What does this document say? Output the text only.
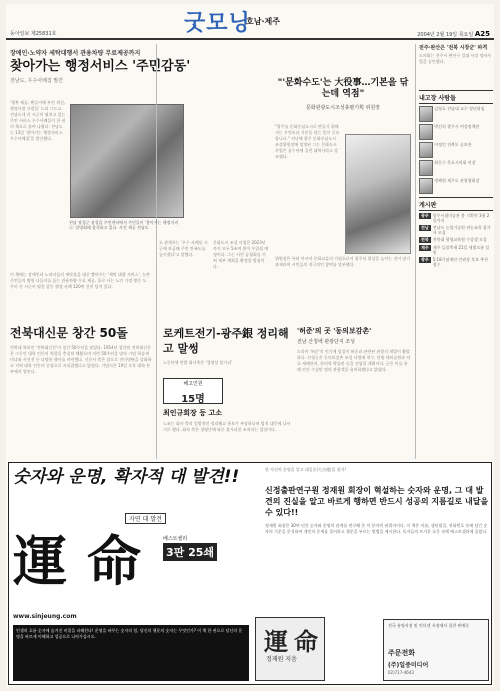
굿모닝
호남·제주
동아일보 제25831호	2004년 2월 19일 목요일 A25
장애인·노약자 세탁대행서 관용차량 무료제공까지
찾아가는 행정서비스 '주민감동'
전남도, 우수사례집 발간
'행복 제공, 팬들이에 부진 개선, 행정사람 사람들' 드리 그드고. 전남도내 각 시군이 펼치고 있는 주민 서비스 우수사례들이 한 권의 책으로 묶여 나왔다. 전남도는 13일 '찾아가는 행정서비스 우수사례집'을 발간했다.
이 책에는 장애인과 노약자들의 세탁물을 대신 빨아주는 '세탁 대행 서비스', 농촌 주민들의 병원 나들이를 돕는 관용차량 무료 제공, 홀로 사는 노인 가정 방문 도우미 등 시군이 펼친 감동 행정 사례 120여 건이 담겨 있다.
전북대신문 창간 50돌
전북대 학보인 '전북대신문'이 창간 50주년을 맞았다. 1954년 창간된 전북대신문은 그동안 대학 언론의 역할을 충실히 해왔으며 이번 50주년을 맞아 기념 학술세미나와 사진전 등 다양한 행사를 마련했다. 신문사 측은 앞으로 인터넷판을 강화하고 지역 대학 언론의 중심으로 자리잡겠다고 밝혔다. 기념식은 19일 오후 대학 본부에서 열린다.
전남 장성군 장성읍 주민센터에서 주민들이 '찾아가는 행정서비스' 설명회에 참석하고 있다. 사진 제공 전남도
도 관계자는 '우수 사례를 시군에 보급해 주민 만족도를 높이겠다'고 말했다.
"'문화수도'는 大役事…기본을 닦는데 역점"
문화관광도시조성총괄기획 위원장
"광주를 문화중심도시로 만들기 위해서는 무엇보다 기본을 닦는 일이 중요합니다." 지난해 광주 문화중심도시 조성위원장에 임명된 그는 문화도시 사업은 십수년에 걸친 대역사라고 강조했다.
위원장은 특히 아시아 문화교류의 거점으로서 광주의 위상을 높이는 것이 장기 과제라며 시민들의 적극적인 참여를 당부했다.
문화도시 조성 사업은 2023년까지 모두 5조여 원이 투입될 예정이다. 그는 시민 공청회를 거쳐 세부 계획을 확정할 방침이다.
로케트전기-광주銀 정리해고 말썽
노동단체 반발 회사측은 '경영상 불가피'
해고인원
15명
최인규회장 등 고소
노조는 회사 측의 일방적인 정리해고 통보가 부당하다며 법적 대응에 나서기로 했다. 회사 측은 경영난에 따른 불가피한 조치라는 입장이다.
'허준'의 곳 '동의보감촌'
전남 산청에 관광단지 조성
드라마 '허준'의 인기에 힘입어 허준과 관련된 관광지 개발이 활발하다. 산청군은 동의보감촌 조성 사업에 착수, 한방 테마공원과 약초 재배단지, 한의학 박물관 등을 건립할 계획이다. 군은 이를 통해 연간 수십만 명의 관광객을 유치하겠다고 밝혔다.
전주·완산은 '전북 시장군' 파격
도의회는 전주시 완산구 일대 시장 정비사업을 승인했다.
내고장 사람들
김영호 전남대 교수 정년퇴임
박선희 광주시 여성정책관
이정민 전북도 공보관
최동수 목포시의회 의장
정해원 제주도 관광협회장
게시판
광주	광주시립미술관 봄 기획전 3월 2일까지
전남	전남도 농업기술원 귀농교육 참가자 모집
전북	전북대 평생교육원 수강생 모집
제주	제주 들불축제 21일 새별오름 일원
광주	5·18기념재단 인권상 후보 추천 접수
숫자와 운명, 확자적 대 발견!!	한 자신의 운명을 알고 대길운(大吉運)을 찾자!
신정출판연구원 정재원 회장이 혁설하는 숫자와 운명, 그 대 발견의 진실을 알고 바르게 행하면 반드시 성공의 지름길로 내달을 수 있다!!
運命
자연 대 발견
베스트셀러
3판 25쇄
www.sinjeung.com
인생의 흐름 숫자에 숨겨진 비밀을 파헤친다! 운명을 바꾸는 숫자의 힘, 당신의 행운의 숫자는 무엇인가? 이 책 한 권으로 당신의 운명을 바르게 이해하고 성공으로 나아가십시오.
정재원 회장은 30여 년간 숫자와 운명의 관계를 연구해 온 이 분야의 권위자이다. 이 책은 이름, 생년월일, 전화번호 등에 담긴 숫자의 기운을 분석하여 개인의 운세를 풀이하고 행운을 부르는 방법을 제시한다. 독자들의 뜨거운 호응 속에 베스트셀러에 올랐다.
運 命
정재원 지음
전국 유명서점 및 인터넷 서점에서 절찬 판매중
주문전화
(주)일중미디어
02)717-4643
